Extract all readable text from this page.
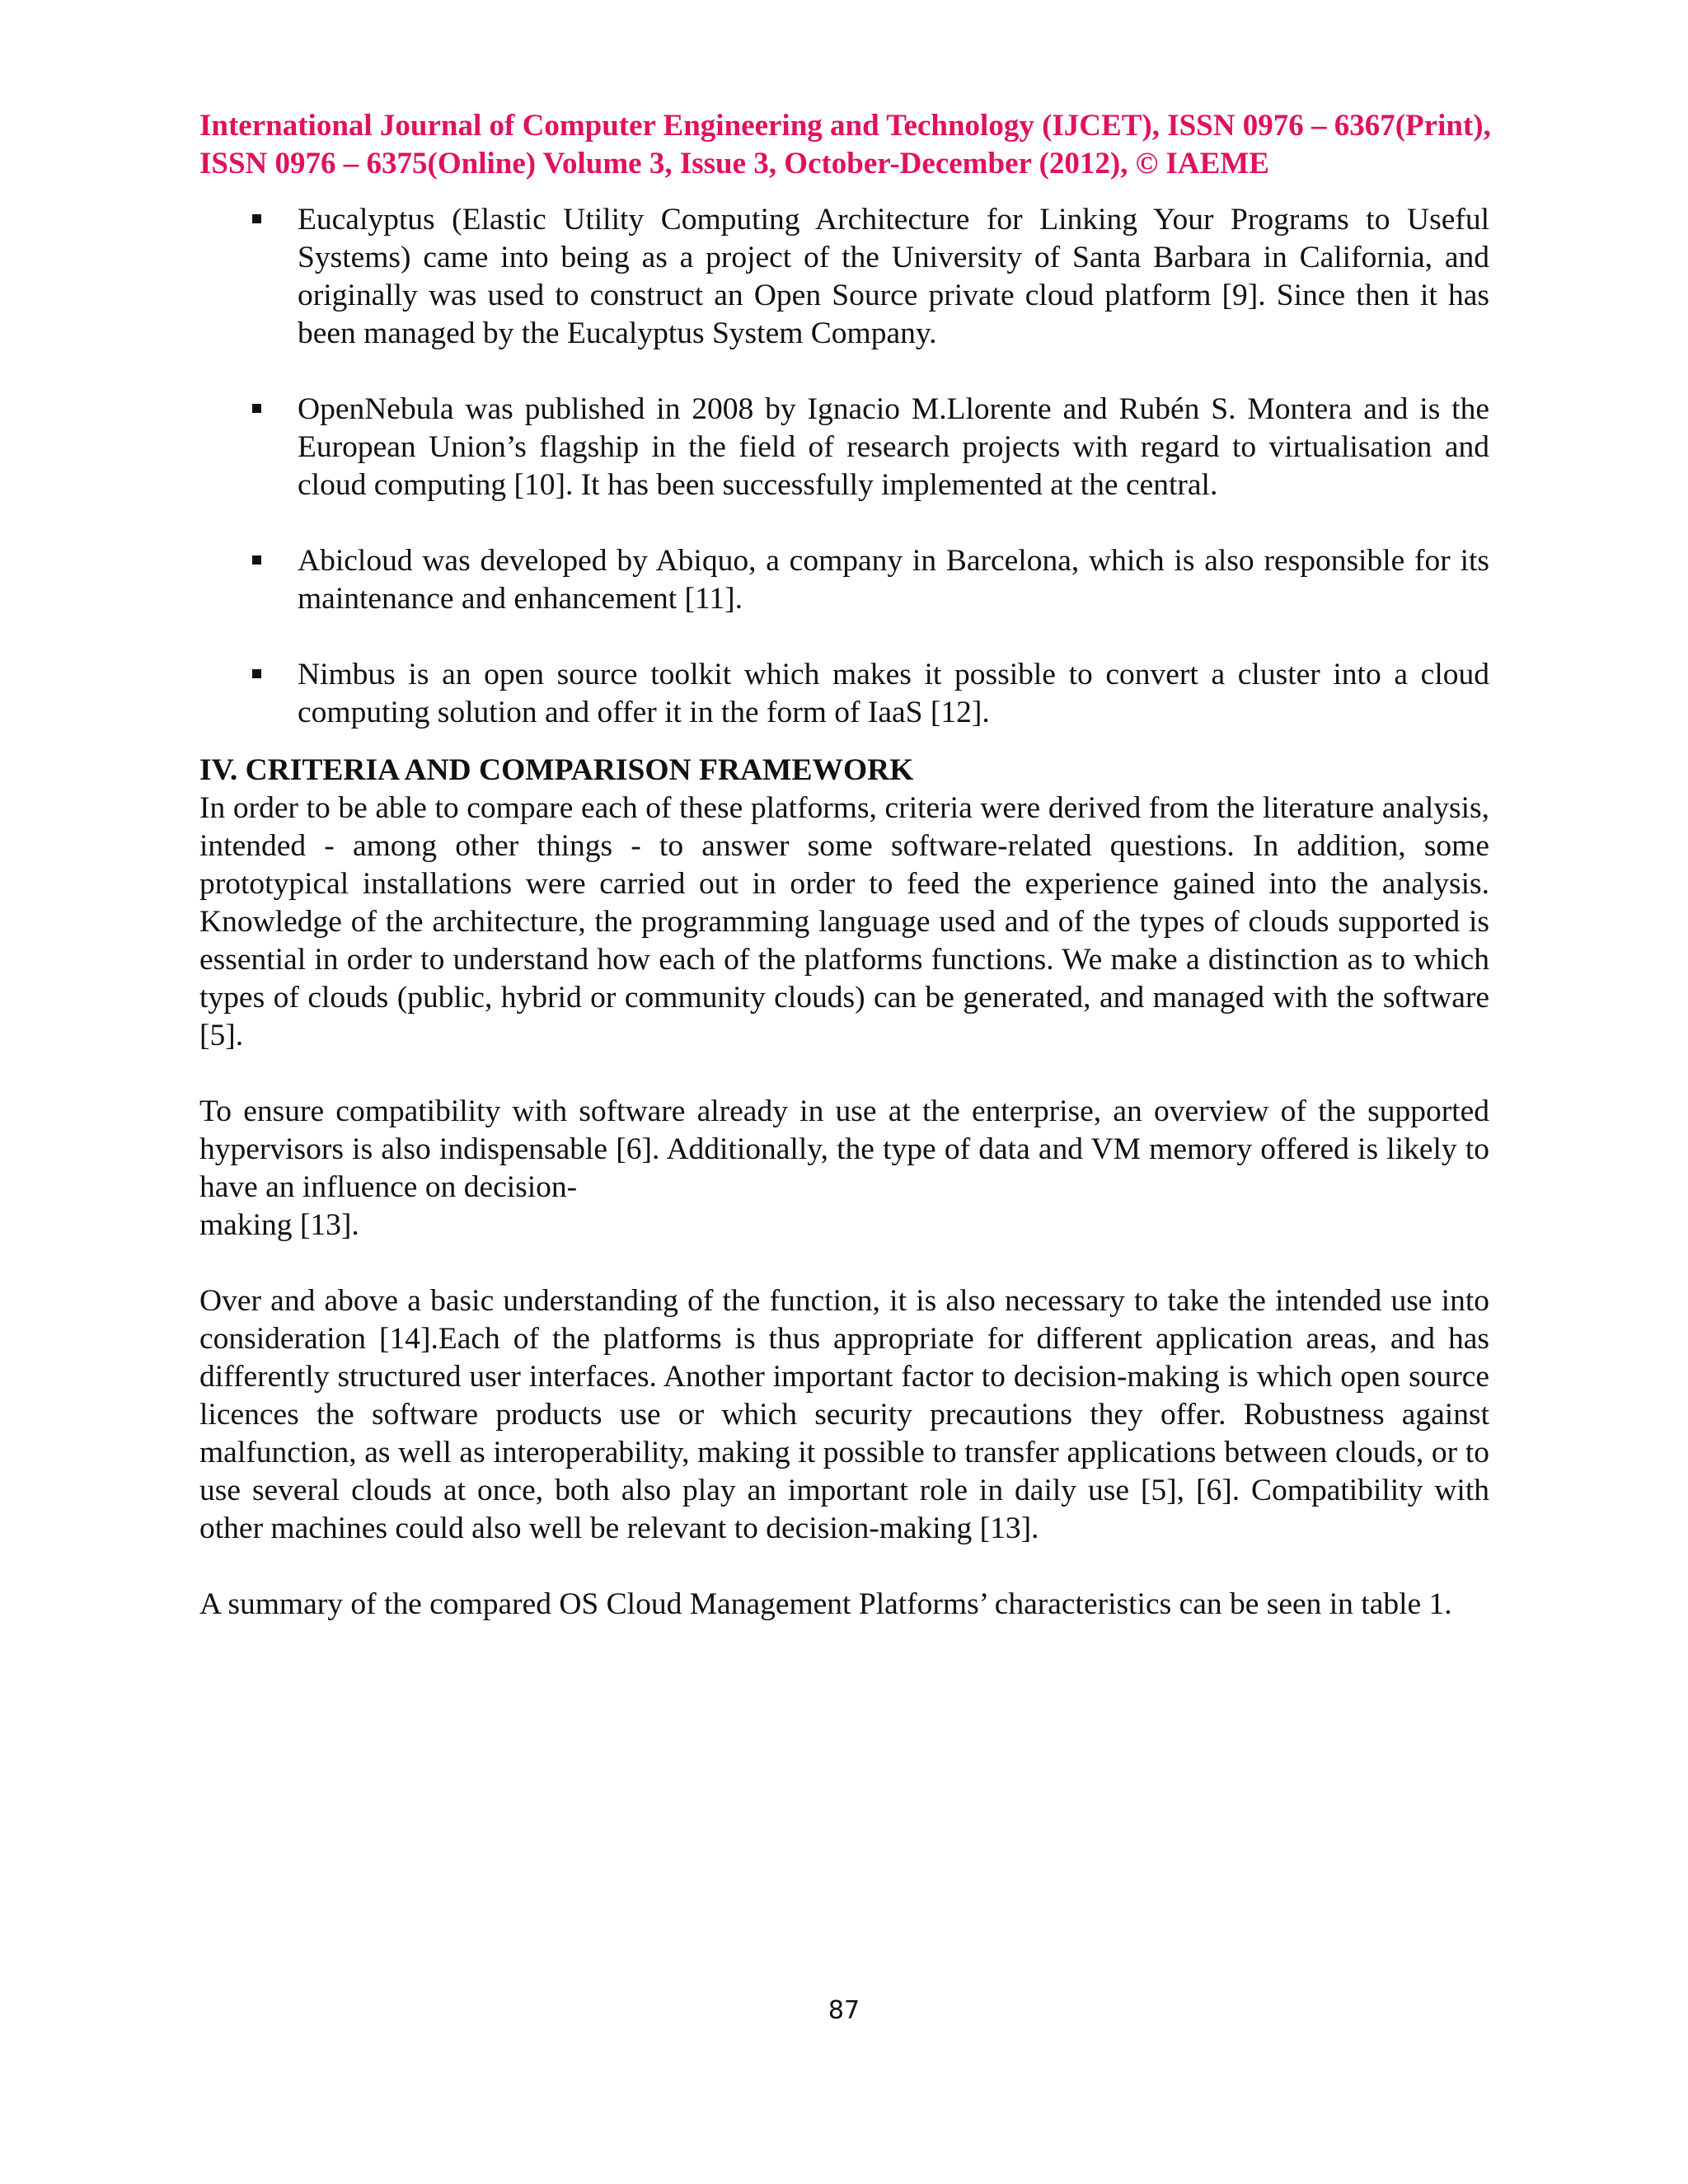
International Journal of Computer Engineering and Technology (IJCET), ISSN 0976 – 6367(Print),
ISSN 0976 – 6375(Online) Volume 3, Issue 3, October-December (2012), © IAEME
Eucalyptus (Elastic Utility Computing Architecture for Linking Your Programs to Useful Systems) came into being as a project of the University of Santa Barbara in California, and originally was used to construct an Open Source private cloud platform [9]. Since then it has been managed by the Eucalyptus System Company.
OpenNebula was published in 2008 by Ignacio M.Llorente and Rubén S. Montera and is the European Union’s flagship in the field of research projects with regard to virtualisation and cloud computing [10]. It has been successfully implemented at the central.
Abicloud was developed by Abiquo, a company in Barcelona, which is also responsible for its maintenance and enhancement [11].
Nimbus is an open source toolkit which makes it possible to convert a cluster into a cloud computing solution and offer it in the form of IaaS [12].
IV. CRITERIA AND COMPARISON FRAMEWORK

In order to be able to compare each of these platforms, criteria were derived from the literature analysis, intended - among other things - to answer some software-related questions. In addition, some prototypical installations were carried out in order to feed the experience gained into the analysis. Knowledge of the architecture, the programming language used and of the types of clouds supported is essential in order to understand how each of the platforms functions. We make a distinction as to which types of clouds (public, hybrid or community clouds) can be generated, and managed with the software [5].

To ensure compatibility with software already in use at the enterprise, an overview of the supported hypervisors is also indispensable [6]. Additionally, the type of data and VM memory offered is likely to have an influence on decision-
making [13].

Over and above a basic understanding of the function, it is also necessary to take the intended use into consideration [14].Each of the platforms is thus appropriate for different application areas, and has differently structured user interfaces. Another important factor to decision-making is which open source licences the software products use or which security precautions they offer. Robustness against malfunction, as well as interoperability, making it possible to transfer applications between clouds, or to use several clouds at once, both also play an important role in daily use [5], [6]. Compatibility with other machines could also well be relevant to decision-making [13].

A summary of the compared OS Cloud Management Platforms’ characteristics can be seen in table 1.

87
